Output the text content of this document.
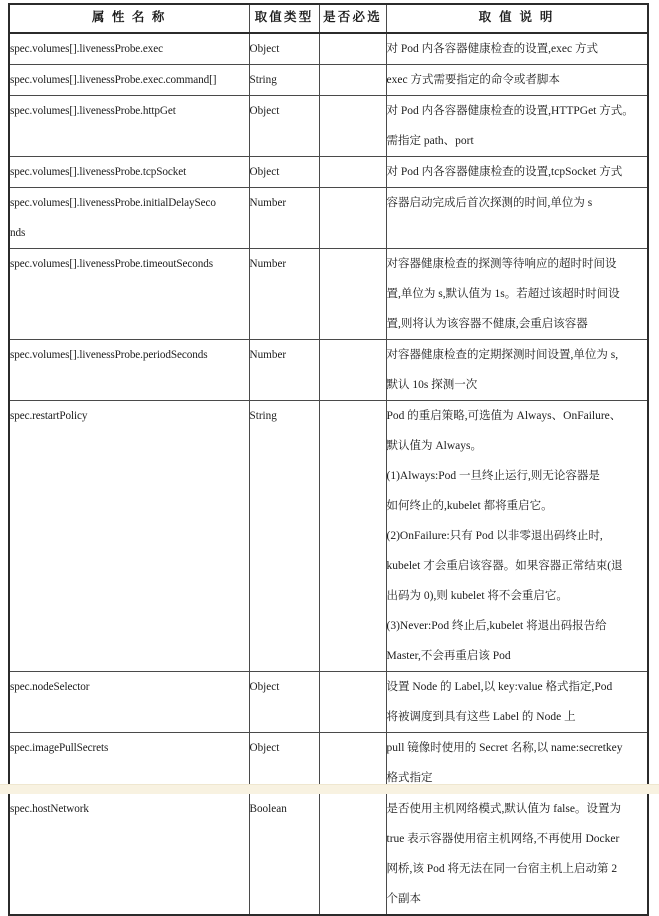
属 性 名 称	取值类型	是否必选	取 值 说 明
spec.volumes[].livenessProbe.exec	Object		对 Pod 内各容器健康检查的设置,exec 方式

spec.volumes[].livenessProbe.exec.command[]	String		exec 方式需要指定的命令或者脚本

spec.volumes[].livenessProbe.httpGet	Object		对 Pod 内各容器健康检查的设置,HTTPGet 方式。
需指定 path、port

spec.volumes[].livenessProbe.tcpSocket	Object		对 Pod 内各容器健康检查的设置,tcpSocket 方式

spec.volumes[].livenessProbe.initialDelaySeco
nds	Number		容器启动完成后首次探测的时间,单位为 s

spec.volumes[].livenessProbe.timeoutSeconds	Number		对容器健康检查的探测等待响应的超时时间设
置,单位为 s,默认值为 1s。若超过该超时时间设
置,则将认为该容器不健康,会重启该容器

spec.volumes[].livenessProbe.periodSeconds	Number		对容器健康检查的定期探测时间设置,单位为 s,
默认 10s 探测一次

spec.restartPolicy	String		Pod 的重启策略,可选值为 Always、OnFailure、
默认值为 Always。
(1)Always:Pod 一旦终止运行,则无论容器是
如何终止的,kubelet 都将重启它。
(2)OnFailure:只有 Pod 以非零退出码终止时,
kubelet 才会重启该容器。如果容器正常结束(退
出码为 0),则 kubelet 将不会重启它。
(3)Never:Pod 终止后,kubelet 将退出码报告给
Master,不会再重启该 Pod

spec.nodeSelector	Object		设置 Node 的 Label,以 key:value 格式指定,Pod
将被调度到具有这些 Label 的 Node 上

spec.imagePullSecrets	Object		pull 镜像时使用的 Secret 名称,以 name:secretkey
格式指定

spec.hostNetwork	Boolean		是否使用主机网络模式,默认值为 false。设置为
true 表示容器使用宿主机网络,不再使用 Docker
网桥,该 Pod 将无法在同一台宿主机上启动第 2
个副本
